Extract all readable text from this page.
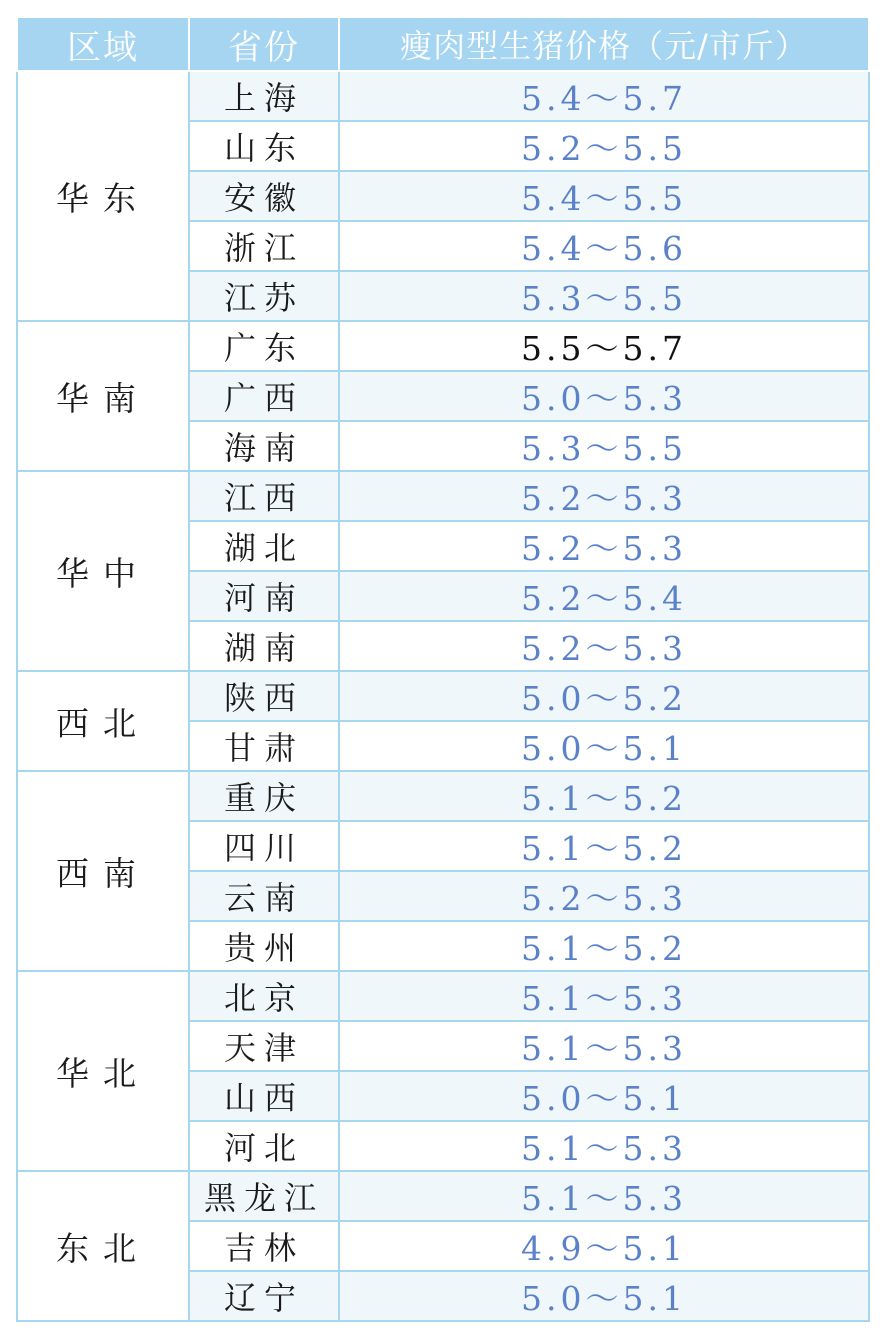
区域	省份	瘦肉型生猪价格（元/市斤）
华东	上海	5.4～5.7
	山东	5.2～5.5
	安徽	5.4～5.5
	浙江	5.4～5.6
	江苏	5.3～5.5
华南	广东	5.5～5.7
	广西	5.0～5.3
	海南	5.3～5.5
华中	江西	5.2～5.3
	湖北	5.2～5.3
	河南	5.2～5.4
	湖南	5.2～5.3
西北	陕西	5.0～5.2
	甘肃	5.0～5.1
西南	重庆	5.1～5.2
	四川	5.1～5.2
	云南	5.2～5.3
	贵州	5.1～5.2
华北	北京	5.1～5.3
	天津	5.1～5.3
	山西	5.0～5.1
	河北	5.1～5.3
东北	黑龙江	5.1～5.3
	吉林	4.9～5.1
	辽宁	5.0～5.1
